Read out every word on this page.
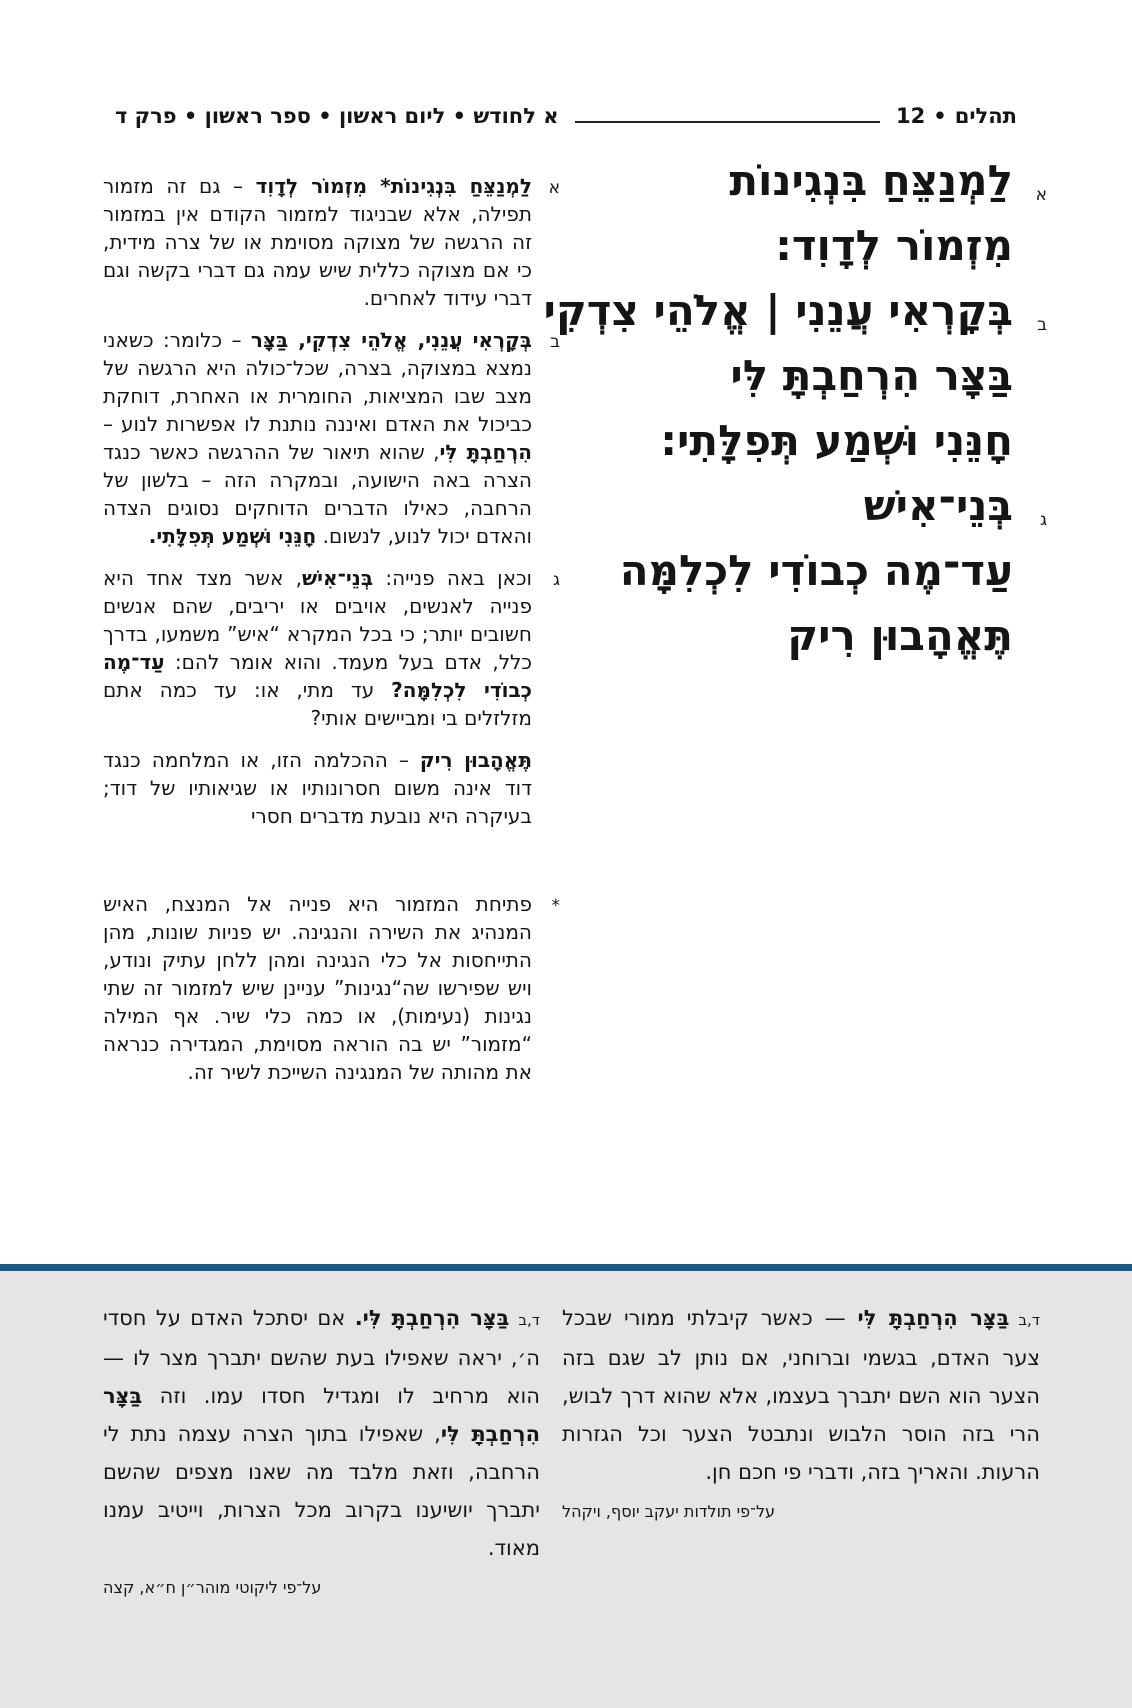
תהלים
•
12
א לחודש • ליום ראשון • ספר ראשון • פרק ד
א
לַמְנַצֵּחַ בִּנְגִינוֹת
מִזְמוֹר לְדָוִד:
ב
בְּקָרְאִי עֲנֵנִי | אֱלֹהֵי צִדְקִי
בַּצָּר הִרְחַבְתָּ לִּי
חָנֵּנִי וּשְׁמַע תְּפִלָּתִי:
ג
בְּנֵי־אִישׁ
עַד־מֶה כְבוֹדִי לִכְלִמָּה
תֶּאֱהָבוּן רִיק
א
לַמְנַצֵּחַ בִּנְגִינוֹת* מִזְמוֹר לְדָוִד – גם זה מזמור תפילה, אלא שבניגוד למזמור הקודם אין במזמור זה הרגשה של מצוקה מסוימת או של צרה מידית, כי אם מצוקה כללית שיש עמה גם דברי בקשה וגם דברי עידוד לאחרים.
ב
בְּקָרְאִי עֲנֵנִי, אֱלֹהֵי צִדְקִי, בַּצָּר – כלומר: כשאני נמצא במצוקה, בצרה, שכל־כולה היא הרגשה של מצב שבו המציאות, החומרית או האחרת, דוחקת כביכול את האדם ואיננה נותנת לו אפשרות לנוע – הִרְחַבְתָּ לִּי, שהוא תיאור של ההרגשה כאשר כנגד הצרה באה הישועה, ובמקרה הזה – בלשון של הרחבה, כאילו הדברים הדוחקים נסוגים הצדה והאדם יכול לנוע, לנשום. חָנֵּנִי וּשְׁמַע תְּפִלָּתִי.
ג
וכאן באה פנייה: בְּנֵי־אִישׁ, אשר מצד אחד היא פנייה לאנשים, אויבים או יריבים, שהם אנשים חשובים יותר; כי בכל המקרא “איש” משמעו, בדרך כלל, אדם בעל מעמד. והוא אומר להם: עַד־מֶה כְבוֹדִי לִכְלִמָּה? עד מתי, או: עד כמה אתם מזלזלים בי ומביישים אותי?
תֶּאֱהָבוּן רִיק – ההכלמה הזו, או המלחמה כנגד דוד אינה משום חסרונותיו או שגיאותיו של דוד; בעיקרה היא נובעת מדברים חסרי
*
פתיחת המזמור היא פנייה אל המנצח, האיש המנהיג את השירה והנגינה. יש פניות שונות, מהן התייחסות אל כלי הנגינה ומהן ללחן עתיק ונודע, ויש שפירשו שה“נגינות” עניינן שיש למזמור זה שתי נגינות (נעימות), או כמה כלי שיר. אף המילה “מזמור” יש בה הוראה מסוימת, המגדירה כנראה את מהותה של המנגינה השייכת לשיר זה.
ד,בבַּצָּר הִרְחַבְתָּ לִּי — כאשר קיבלתי ממורי שבכל צער האדם, בגשמי וברוחני, אם נותן לב שגם בזה הצער הוא השם יתברך בעצמו, אלא שהוא דרך לבוש, הרי בזה הוסר הלבוש ונתבטל הצער וכל הגזרות הרעות. והאריך בזה, ודברי פי חכם חן.
על־פי תולדות יעקב יוסף, ויקהל
ד,בבַּצָּר הִרְחַבְתָּ לִּי. אם יסתכל האדם על חסדי ה׳, יראה שאפילו בעת שהשם יתברך מצר לו — הוא מרחיב לו ומגדיל חסדו עמו. וזה בַּצָּר הִרְחַבְתָּ לִּי, שאפילו בתוך הצרה עצמה נתת לי הרחבה, וזאת מלבד מה שאנו מצפים שהשם יתברך יושיענו בקרוב מכל הצרות, וייטיב עמנו מאוד.
על־פי ליקוטי מוהר״ן ח״א, קצה
